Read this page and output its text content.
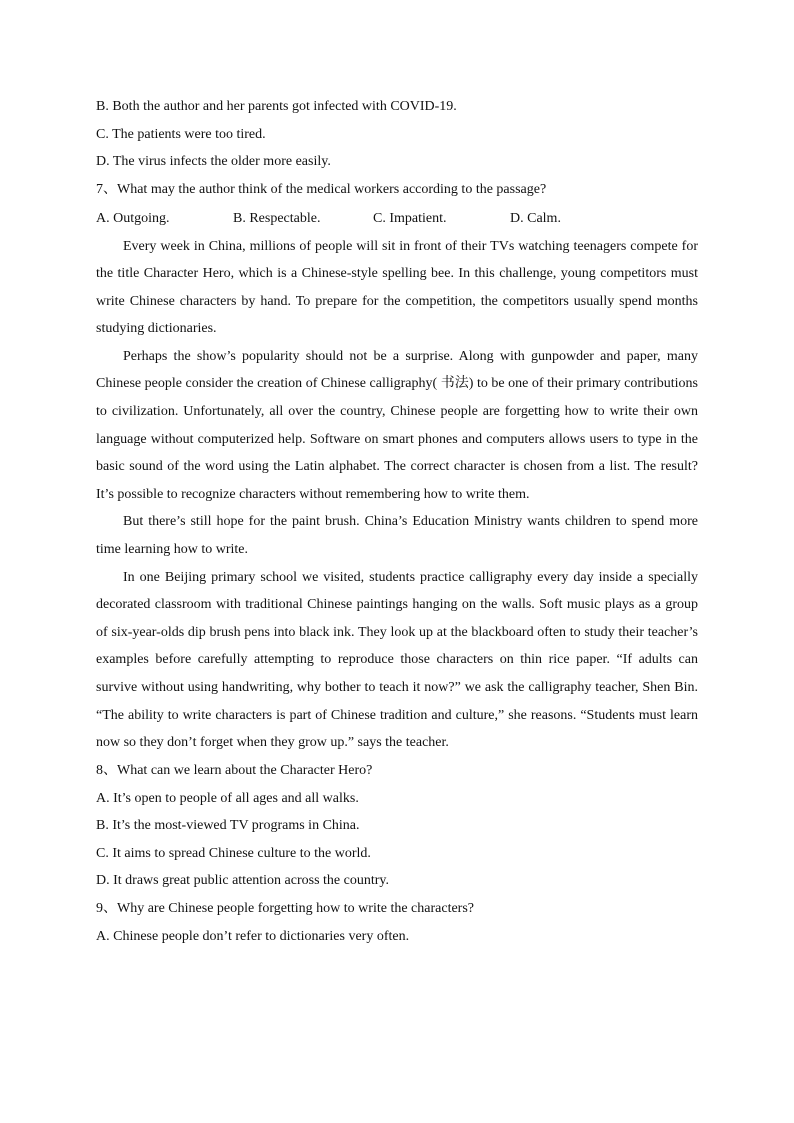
B. Both the author and her parents got infected with COVID-19.
C. The patients were too tired.
D. The virus infects the older more easily.
7、What may the author think of the medical workers according to the passage?
A. Outgoing.	B. Respectable.	C. Impatient.	D. Calm.

Every week in China, millions of people will sit in front of their TVs watching teenagers compete for the title Character Hero, which is a Chinese-style spelling bee. In this challenge, young competitors must write Chinese characters by hand. To prepare for the competition, the competitors usually spend months studying dictionaries.

Perhaps the show’s popularity should not be a surprise. Along with gunpowder and paper, many Chinese people consider the creation of Chinese calligraphy( 书法) to be one of their primary contributions to civilization. Unfortunately, all over the country, Chinese people are forgetting how to write their own language without computerized help. Software on smart phones and computers allows users to type in the basic sound of the word using the Latin alphabet. The correct character is chosen from a list. The result? It’s possible to recognize characters without remembering how to write them.

But there’s still hope for the paint brush. China’s Education Ministry wants children to spend more time learning how to write.

In one Beijing primary school we visited, students practice calligraphy every day inside a specially decorated classroom with traditional Chinese paintings hanging on the walls. Soft music plays as a group of six-year-olds dip brush pens into black ink. They look up at the blackboard often to study their teacher’s examples before carefully attempting to reproduce those characters on thin rice paper. “If adults can survive without using handwriting, why bother to teach it now?” we ask the calligraphy teacher, Shen Bin. “The ability to write characters is part of Chinese tradition and culture,” she reasons. “Students must learn now so they don’t forget when they grow up.” says the teacher.

8、What can we learn about the Character Hero?
A. It’s open to people of all ages and all walks.
B. It’s the most-viewed TV programs in China.
C. It aims to spread Chinese culture to the world.
D. It draws great public attention across the country.
9、Why are Chinese people forgetting how to write the characters?
A. Chinese people don’t refer to dictionaries very often.
